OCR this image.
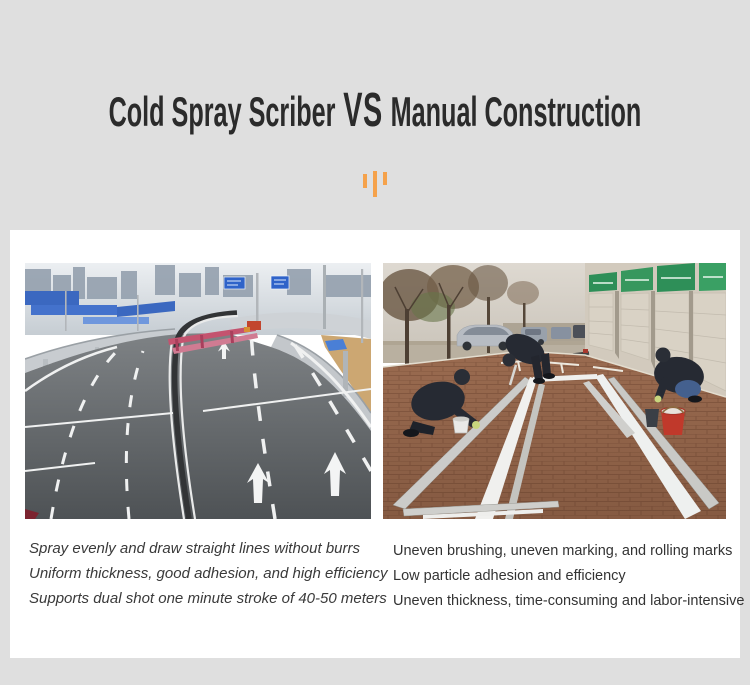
Cold Spray Scriber VS Manual Construction
Spray evenly and draw straight lines without burrs
Uniform thickness, good adhesion, and high efficiency
Supports dual shot one minute stroke of 40-50 meters
Uneven brushing, uneven marking, and rolling marks
Low particle adhesion and efficiency
Uneven thickness, time-consuming and labor-intensive
